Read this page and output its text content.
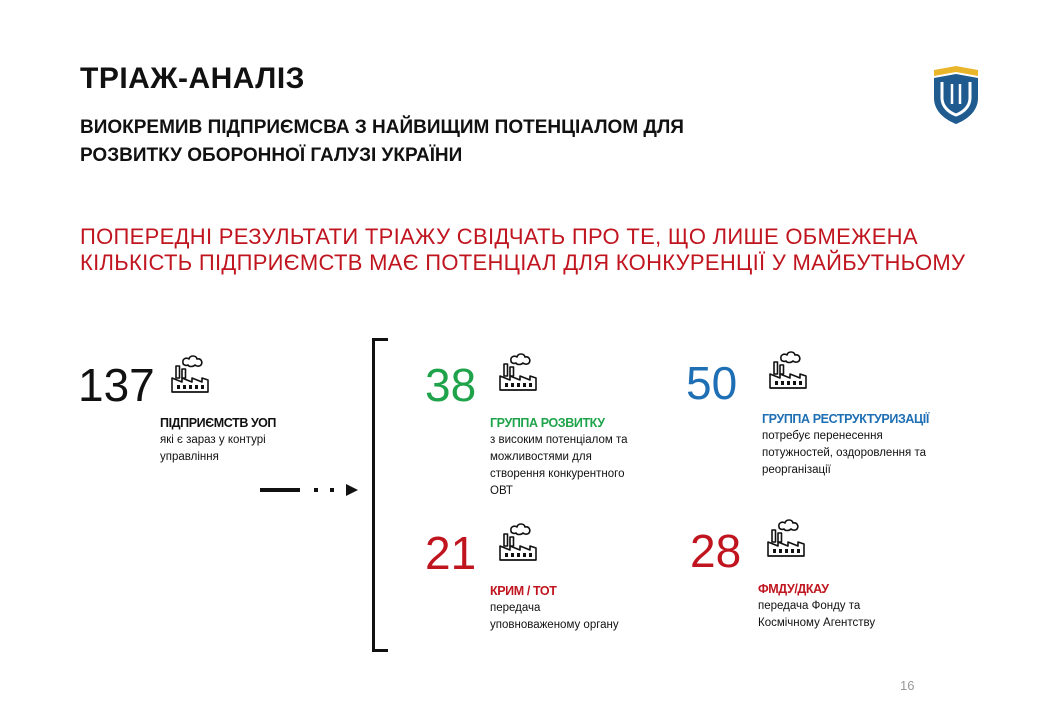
ТРІАЖ-АНАЛІЗ
ВИОКРЕМИВ ПІДПРИЄМСВА З НАЙВИЩИМ ПОТЕНЦІАЛОМ ДЛЯ
РОЗВИТКУ ОБОРОННОЇ ГАЛУЗІ УКРАЇНИ
ПОПЕРЕДНІ РЕЗУЛЬТАТИ ТРІАЖУ СВІДЧАТЬ ПРО ТЕ, ЩО ЛИШЕ ОБМЕЖЕНА
КІЛЬКІСТЬ ПІДПРИЄМСТВ МАЄ ПОТЕНЦІАЛ ДЛЯ КОНКУРЕНЦІЇ У МАЙБУТНЬОМУ
137
ПІДПРИЄМСТВ УОП
які є зараз у контурі
управління
38
ГРУППА РОЗВИТКУ
з високим потенціалом та
можливостями для
створення конкурентного
ОВТ
50
ГРУППА РЕСТРУКТУРИЗАЦІЇ
потребує перенесення
потужностей, оздоровлення та
реорганізації
21
КРИМ / ТОТ
передача
уповноваженому органу
28
ФМДУ/ДКАУ
передача Фонду та
Космічному Агентству
16
